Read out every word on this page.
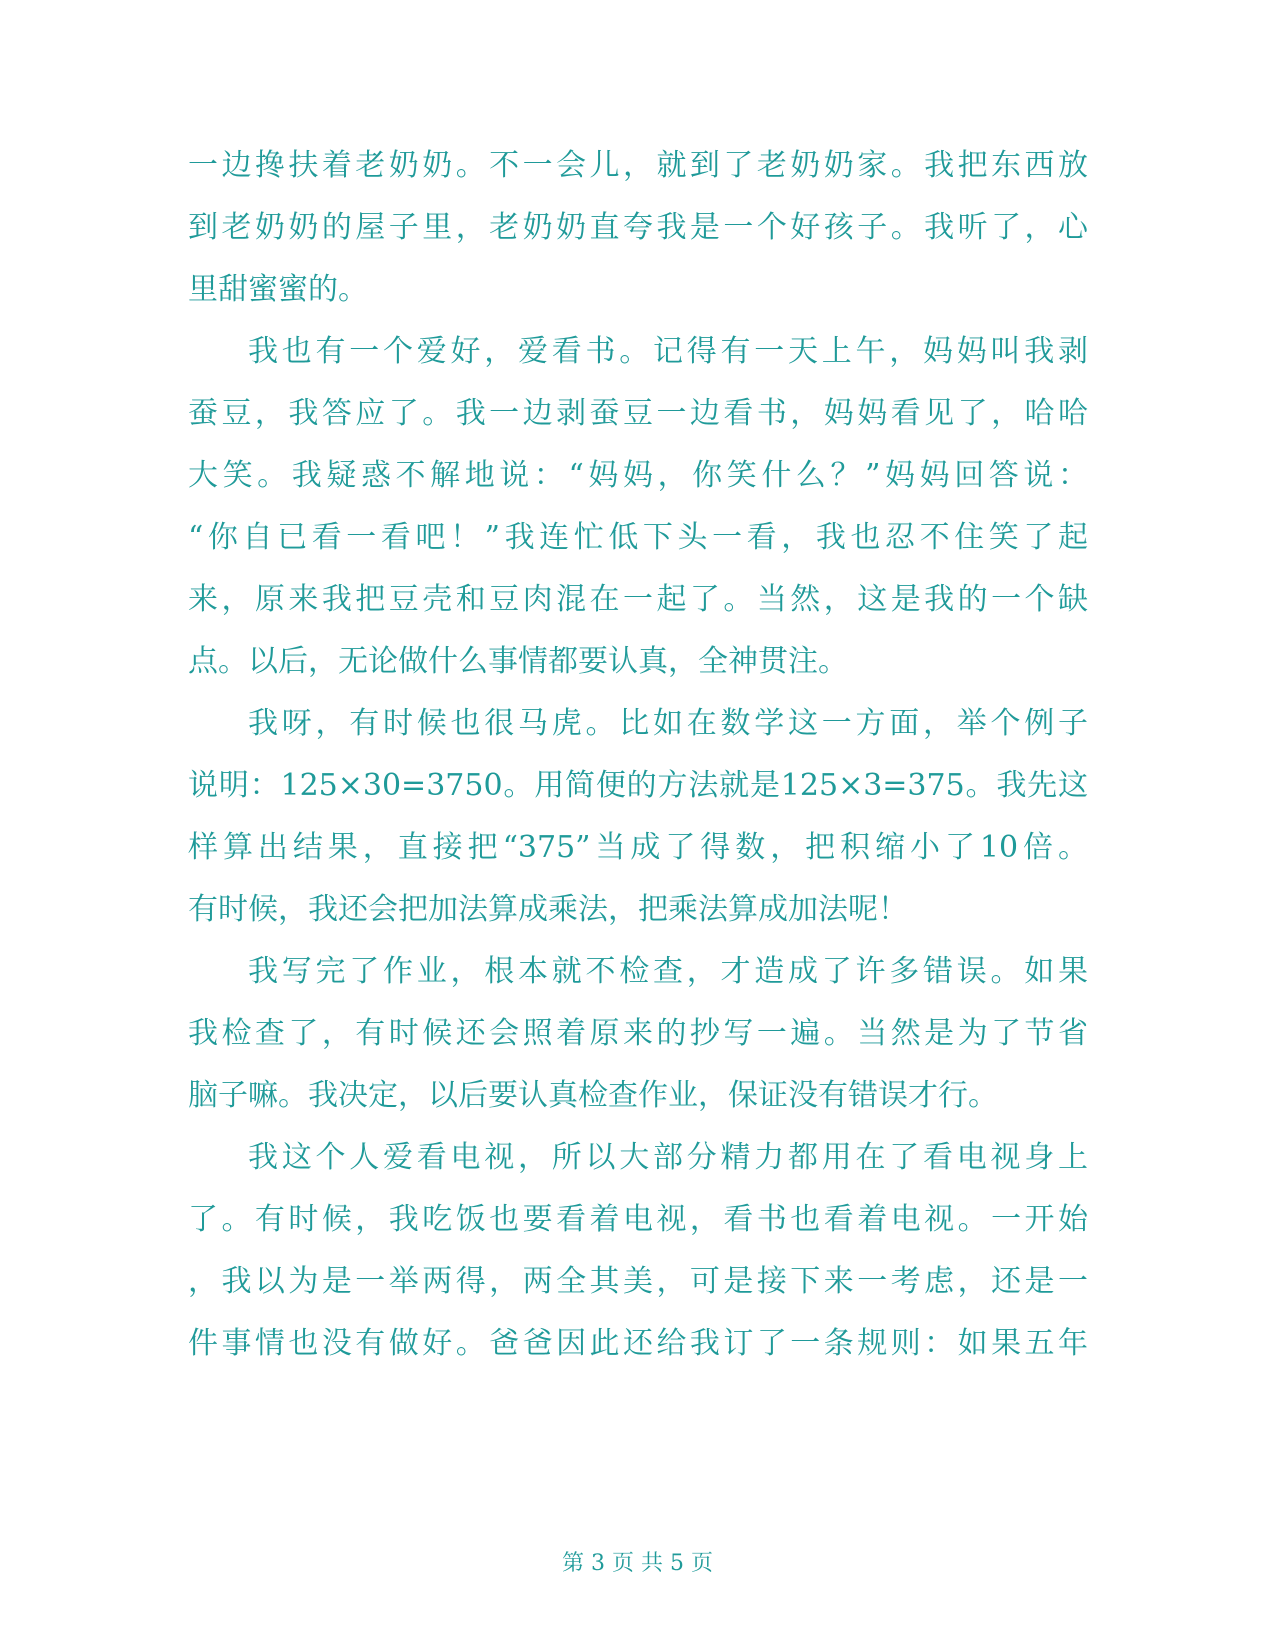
一边搀扶着老奶奶。不一会儿，就到了老奶奶家。我把东西放
到老奶奶的屋子里，老奶奶直夸我是一个好孩子。我听了，心
里甜蜜蜜的。
我也有一个爱好，爱看书。记得有一天上午，妈妈叫我剥
蚕豆，我答应了。我一边剥蚕豆一边看书，妈妈看见了，哈哈
大笑。我疑惑不解地说：“妈妈，你笑什么？”妈妈回答说：
“你自已看一看吧！”我连忙低下头一看，我也忍不住笑了起
来，原来我把豆壳和豆肉混在一起了。当然，这是我的一个缺
点。以后，无论做什么事情都要认真，全神贯注。
我呀，有时候也很马虎。比如在数学这一方面，举个例子
说明：125×30=3750。用简便的方法就是125×3=375。我先这
样算出结果，直接把“375”当成了得数，把积缩小了10倍。
有时候，我还会把加法算成乘法，把乘法算成加法呢！
我写完了作业，根本就不检查，才造成了许多错误。如果
我检查了，有时候还会照着原来的抄写一遍。当然是为了节省
脑子嘛。我决定，以后要认真检查作业，保证没有错误才行。
我这个人爱看电视，所以大部分精力都用在了看电视身上
了。有时候，我吃饭也要看着电视，看书也看着电视。一开始
，我以为是一举两得，两全其美，可是接下来一考虑，还是一
件事情也没有做好。爸爸因此还给我订了一条规则：如果五年
第 3 页 共 5 页
